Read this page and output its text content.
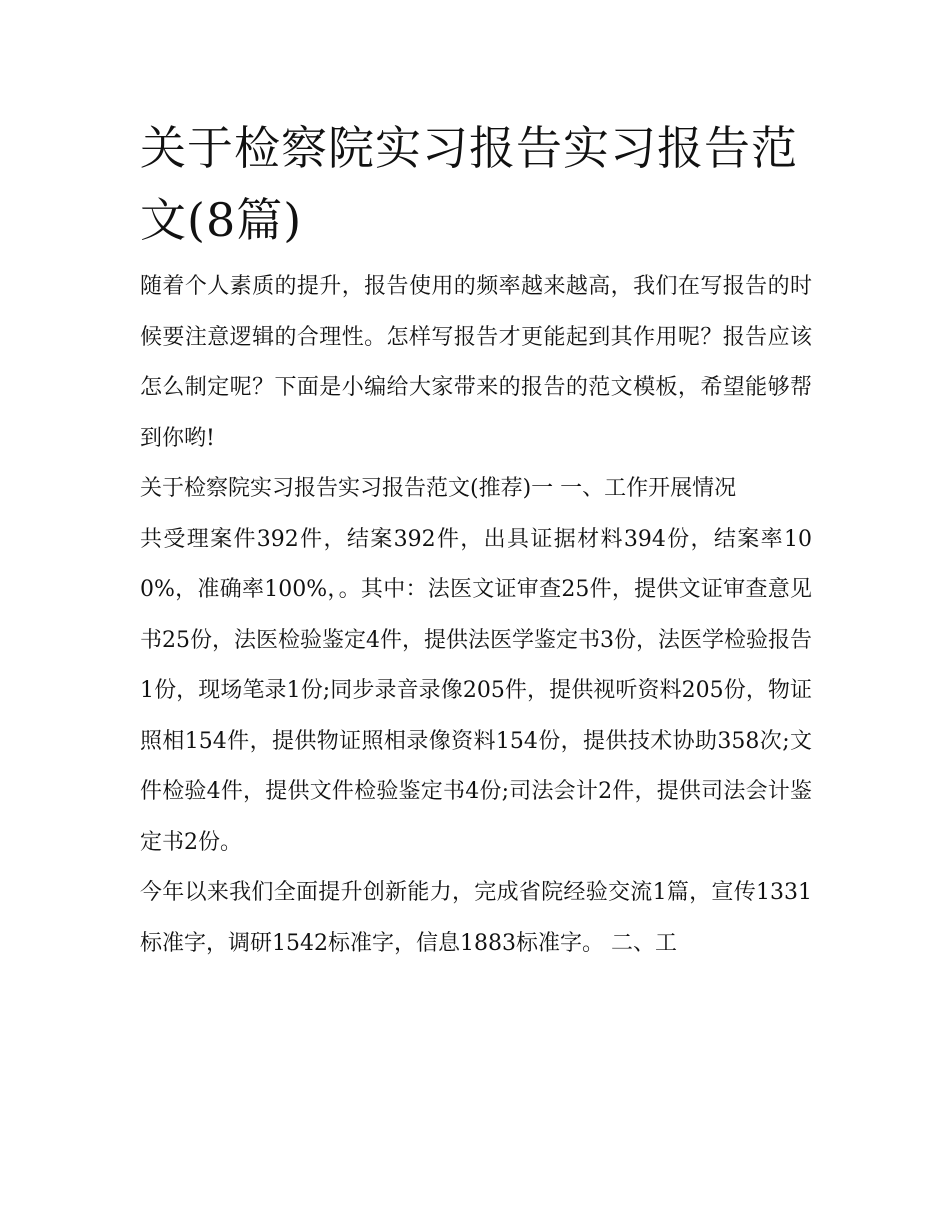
关于检察院实习报告实习报告范文(8篇)

随着个人素质的提升，报告使用的频率越来越高，我们在写报告的时候要注意逻辑的合理性。怎样写报告才更能起到其作用呢？报告应该怎么制定呢？下面是小编给大家带来的报告的范文模板，希望能够帮到你哟!

关于检察院实习报告实习报告范文(推荐)一 一、工作开展情况

共受理案件392件，结案392件，出具证据材料394份，结案率100%，准确率100%，。其中：法医文证审查25件，提供文证审查意见书25份，法医检验鉴定4件，提供法医学鉴定书3份，法医学检验报告1份，现场笔录1份;同步录音录像205件，提供视听资料205份，物证照相154件，提供物证照相录像资料154份，提供技术协助358次;文件检验4件，提供文件检验鉴定书4份;司法会计2件，提供司法会计鉴定书2份。

今年以来我们全面提升创新能力，完成省院经验交流1篇，宣传1331标准字，调研1542标准字，信息1883标准字。 二、工
